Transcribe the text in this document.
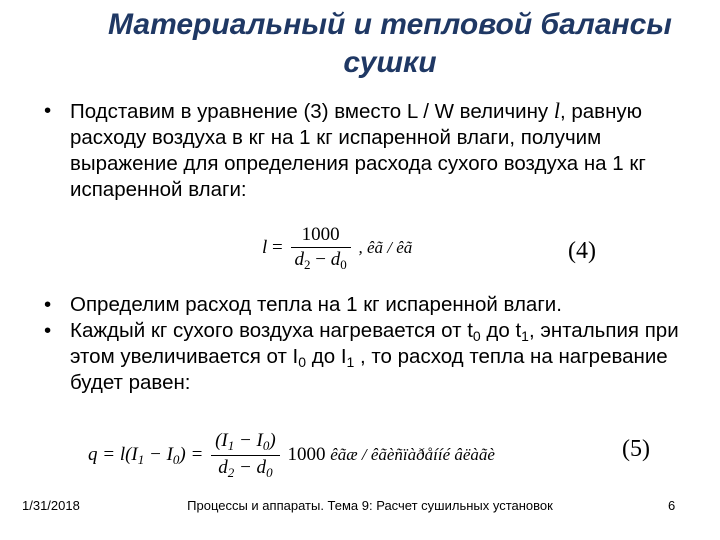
Материальный и тепловой балансы
сушки
• Подставим в уравнение (3) вместо L / W величину l, равную расходу воздуха в кг на 1 кг испаренной влаги, получим выражение для определения расхода сухого воздуха на 1 кг испаренной влаги:
$l = \frac{1000}{d_2 - d_0}$ , êã / êã	(4)
• Определим расход тепла на 1 кг испаренной влаги.
• Каждый кг сухого воздуха нагревается от $t_0$ до $t_1$, энтальпия при этом увеличивается от $I_0$ до $I_1$ , то расход тепла на нагревание будет равен:
$q = l(I_1 - I_0) = \frac{(I_1 - I_0)}{d_2 - d_0} 1000$ êãæ / êãèñïàðåííé âëàãè	(5)
1/31/2018	Процессы и аппараты. Тема 9: Расчет сушильных установок	6
